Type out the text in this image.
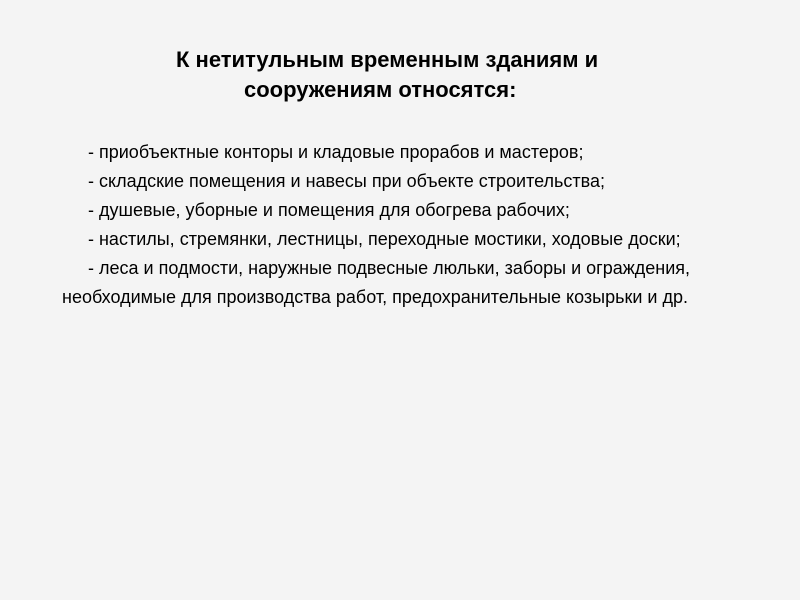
К нетитульным временным зданиям и
сооружениям относятся:

- приобъектные конторы и кладовые прорабов и мастеров;

- складские помещения и навесы при объекте строительства;

- душевые, уборные и помещения для обогрева рабочих;

- настилы, стремянки, лестницы, переходные мостики, ходовые доски;

- леса и подмости, наружные подвесные люльки, заборы и ограждения, необходимые для производства работ, предохранительные козырьки и др.
